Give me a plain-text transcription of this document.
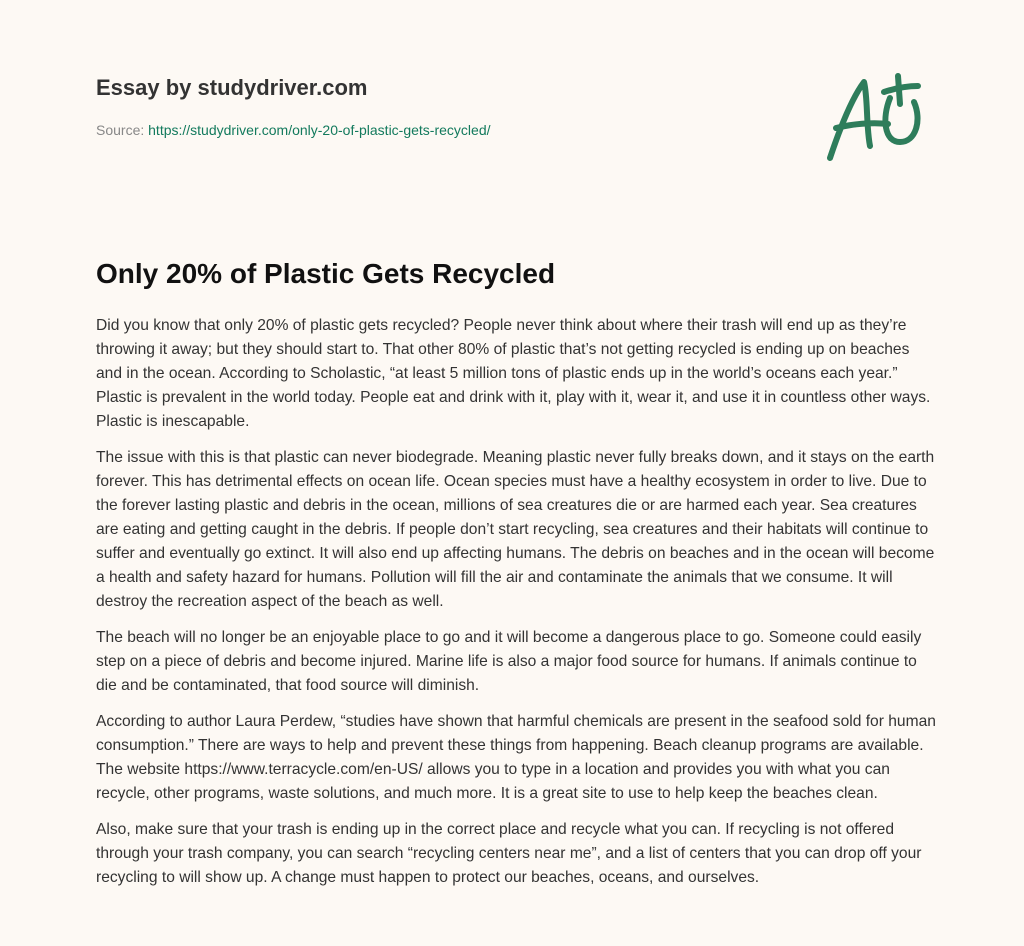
Essay by studydriver.com
Source: https://studydriver.com/only-20-of-plastic-gets-recycled/
Only 20% of Plastic Gets Recycled

Did you know that only 20% of plastic gets recycled? People never think about where their trash will end up as they’re throwing it away; but they should start to. That other 80% of plastic that’s not getting recycled is ending up on beaches and in the ocean. According to Scholastic, “at least 5 million tons of plastic ends up in the world’s oceans each year.” Plastic is prevalent in the world today. People eat and drink with it, play with it, wear it, and use it in countless other ways. Plastic is inescapable.

The issue with this is that plastic can never biodegrade. Meaning plastic never fully breaks down, and it stays on the earth forever. This has detrimental effects on ocean life. Ocean species must have a healthy ecosystem in order to live. Due to the forever lasting plastic and debris in the ocean, millions of sea creatures die or are harmed each year. Sea creatures are eating and getting caught in the debris. If people don’t start recycling, sea creatures and their habitats will continue to suffer and eventually go extinct. It will also end up affecting humans. The debris on beaches and in the ocean will become a health and safety hazard for humans. Pollution will fill the air and contaminate the animals that we consume. It will destroy the recreation aspect of the beach as well.

The beach will no longer be an enjoyable place to go and it will become a dangerous place to go. Someone could easily step on a piece of debris and become injured. Marine life is also a major food source for humans. If animals continue to die and be contaminated, that food source will diminish.

According to author Laura Perdew, “studies have shown that harmful chemicals are present in the seafood sold for human consumption.” There are ways to help and prevent these things from happening. Beach cleanup programs are available. The website https://www.terracycle.com/en-US/ allows you to type in a location and provides you with what you can recycle, other programs, waste solutions, and much more. It is a great site to use to help keep the beaches clean.

Also, make sure that your trash is ending up in the correct place and recycle what you can. If recycling is not offered through your trash company, you can search “recycling centers near me”, and a list of centers that you can drop off your recycling to will show up. A change must happen to protect our beaches, oceans, and ourselves.
